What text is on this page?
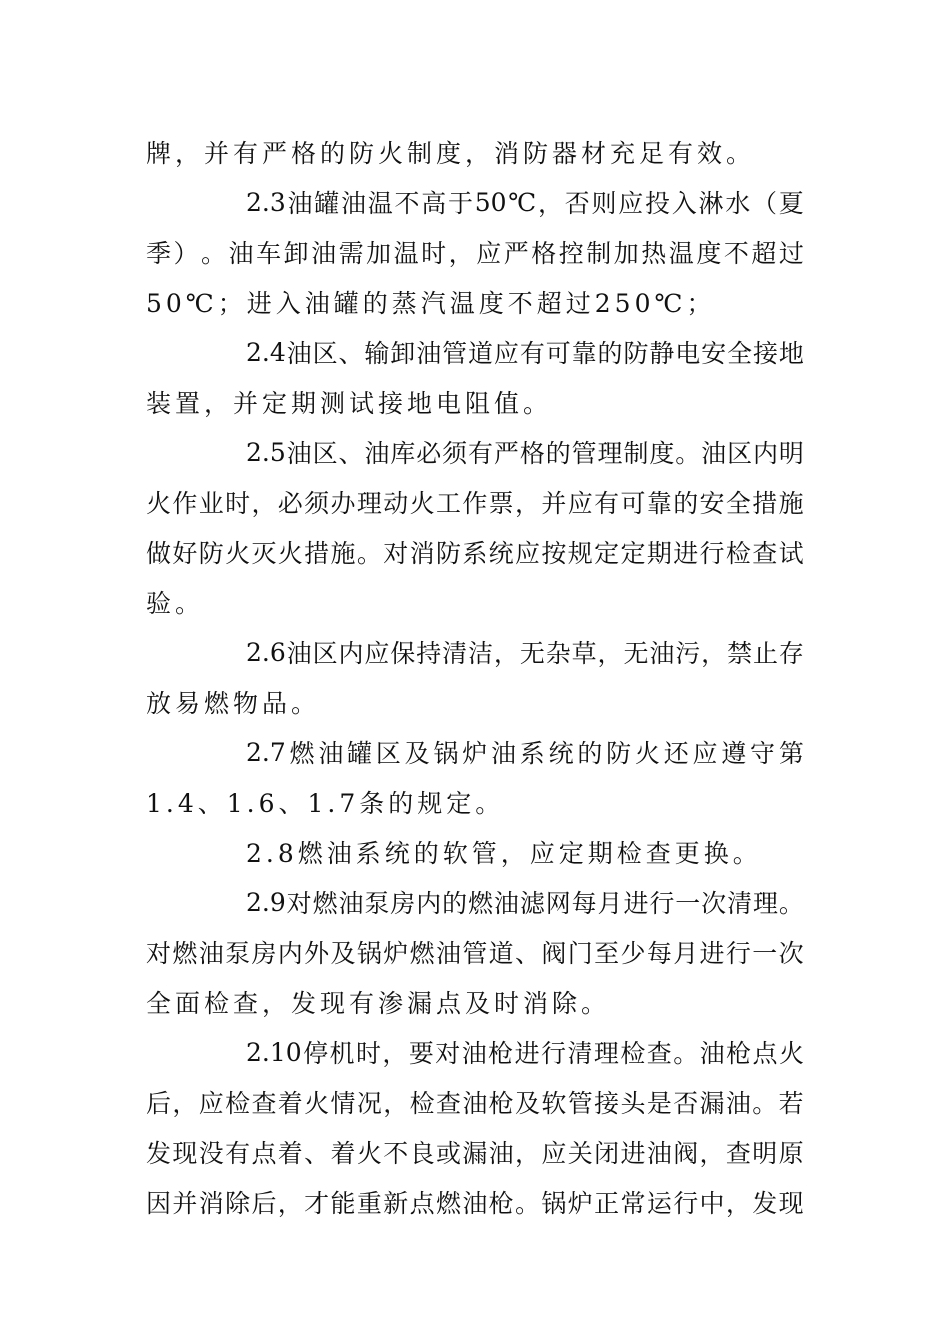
牌，并有严格的防火制度，消防器材充足有效。
2.3 油 罐 油 温 不 高 于 50 ℃ ， 否 则 应 投 入 淋 水 （ 夏
季 ） 。 油 车 卸 油 需 加 温 时 ， 应 严 格 控 制 加 热 温 度 不 超 过
50℃；进入油罐的蒸汽温度不超过250℃；
2.4 油 区 、 输 卸 油 管 道 应 有 可 靠 的 防 静 电 安 全 接 地
装置，并定期测试接地电阻值。
2.5 油 区 、 油 库 必 须 有 严 格 的 管 理 制 度 。 油 区 内 明
火 作 业 时 ， 必 须 办 理 动 火 工 作 票 ， 并 应 有 可 靠 的 安 全 措 施
做 好 防 火 灭 火 措 施 。 对 消 防 系 统 应 按 规 定 定 期 进 行 检 查 试
验。
2.6 油 区 内 应 保 持 清 洁 ， 无 杂 草 ， 无 油 污 ， 禁 止 存
放易燃物品。
2.7 燃 油 罐 区 及 锅 炉 油 系 统 的 防 火 还 应 遵 守 第
1.4、1.6、1.7条的规定。
2.8燃油系统的软管，应定期检查更换。
2.9 对 燃 油 泵 房 内 的 燃 油 滤 网 每 月 进 行 一 次 清 理 。
对 燃 油 泵 房 内 外 及 锅 炉 燃 油 管 道 、 阀 门 至 少 每 月 进 行 一 次
全面检查，发现有渗漏点及时消除。
2.10 停 机 时 ， 要 对 油 枪 进 行 清 理 检 查 。 油 枪 点 火
后 ， 应 检 查 着 火 情 况 ， 检 查 油 枪 及 软 管 接 头 是 否 漏 油 。 若
发 现 没 有 点 着 、 着 火 不 良 或 漏 油 ， 应 关 闭 进 油 阀 ， 查 明 原
因 并 消 除 后 ， 才 能 重 新 点 燃 油 枪 。 锅 炉 正 常 运 行 中 ， 发 现
